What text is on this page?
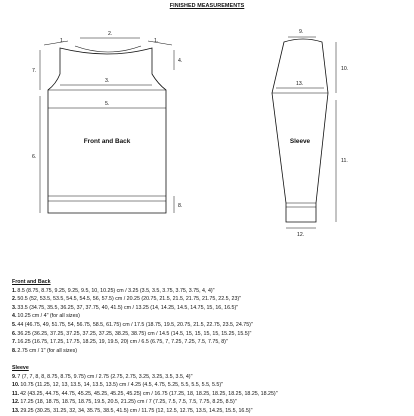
FINISHED MEASUREMENTS
1.
2.
1.
3.
4.
5.
6.
7.
8.
Front and Back
9.
10.
11.
12.
13.
Sleeve
Front and Back
1.8.5 (8.75, 8.75, 9.25, 9.25, 9.5, 10, 10.25) cm / 3.25 (3.5, 3.5, 3.75, 3.75, 3.75, 4, 4)"
2.50.5 (52, 53.5, 53.5, 54.5, 54.5, 56, 57.5) cm / 20.25 (20.75, 21.5, 21.5, 21.75, 21.75, 22.5, 23)"
3.33.5 (34.75, 35.5, 36.25, 37, 37.75, 40, 41.5) cm / 13.25 (14, 14.25, 14.5, 14.75, 15, 16, 16.5)"
4.10.25 cm / 4" (for all sizes)
5.44 (46.75, 49, 51.75, 54, 56.75, 58.5, 61.75) cm / 17.5 (18.75, 19.5, 20.75, 21.5, 22.75, 23.5, 24.75)"
6.36.25 (36.25, 37.25, 37.25, 37.25, 37.25, 38.25, 38.75) cm / 14.5 (14.5, 15, 15, 15, 15, 15.25, 15.5)"
7.16.25 (16.75, 17.25, 17.75, 18.25, 19, 19.5, 20) cm / 6.5 (6.75, 7, 7.25, 7.25, 7.5, 7.75, 8)"
8.2.75 cm / 1" (for all sizes)
Sleeve
9.7 (7, 7, 8, 8, 8.75, 8.75, 9.75) cm / 2.75 (2.75, 2.75, 3.25, 3.25, 3.5, 3.5, 4)"
10.10.75 (11.25, 12, 13, 13.5, 14, 13.5, 13.5) cm / 4.25 (4.5, 4.75, 5.25, 5.5, 5.5, 5.5, 5.5)"
11.42 (43.25, 44.75, 44.75, 45.25, 45.25, 45.25, 45.25) cm / 16.75 (17.25, 18, 18.25, 18.25, 18.25, 18.25, 18.25)"
12.17.25 (18, 18.75, 18.75, 18.75, 19.5, 20.5, 21.25) cm / 7 (7.25, 7.5, 7.5, 7.5, 7.75, 8.25, 8.5)"
13.29.25 (30.25, 31.25, 32, 34, 35.75, 38.5, 41.5) cm / 11.75 (12, 12.5, 12.75, 13.5, 14.25, 15.5, 16.5)"
